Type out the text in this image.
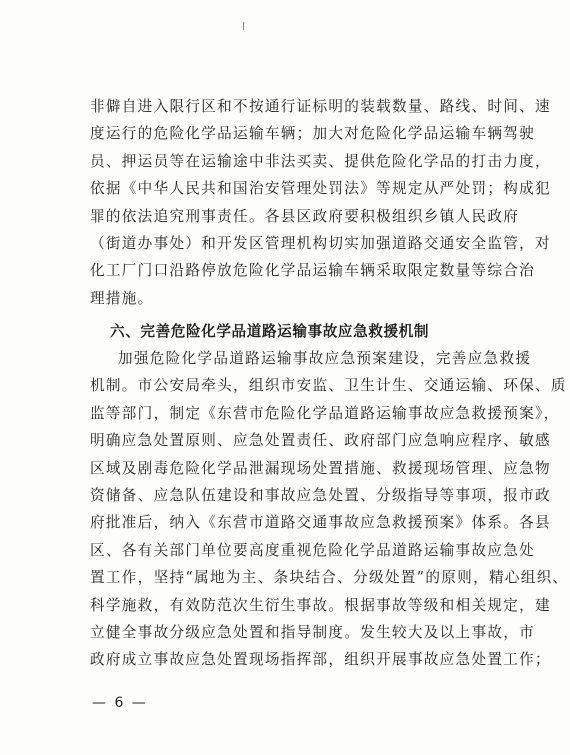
非僻自进入限行区和不按通行证标明的装载数量、路线、时间、速
度运行的危险化学品运输车辆；加大对危险化学品运输车辆驾驶
员、押运员等在运输途中非法买卖、提供危险化学品的打击力度，
依据《中华人民共和国治安管理处罚法》等规定从严处罚；构成犯
罪的依法追究刑事责任。各县区政府要积极组织乡镇人民政府
（街道办事处）和开发区管理机构切实加强道路交通安全监管，对
化工厂门口沿路停放危险化学品运输车辆采取限定数量等综合治
理措施。
六、完善危险化学品道路运输事故应急救援机制
加强危险化学品道路运输事故应急预案建设，完善应急救援
机制。市公安局牵头，组织市安监、卫生计生、交通运输、环保、质
监等部门，制定《东营市危险化学品道路运输事故应急救援预案》，
明确应急处置原则、应急处置责任、政府部门应急响应程序、敏感
区域及剧毒危险化学品泄漏现场处置措施、救援现场管理、应急物
资储备、应急队伍建设和事故应急处置、分级指导等事项，报市政
府批准后，纳入《东营市道路交通事故应急救援预案》体系。各县
区、各有关部门单位要高度重视危险化学品道路运输事故应急处
置工作，坚持“属地为主、条块结合、分级处置”的原则，精心组织、
科学施救，有效防范次生衍生事故。根据事故等级和相关规定，建
立健全事故分级应急处置和指导制度。发生较大及以上事故，市
政府成立事故应急处置现场指挥部，组织开展事故应急处置工作；
— 6 —
